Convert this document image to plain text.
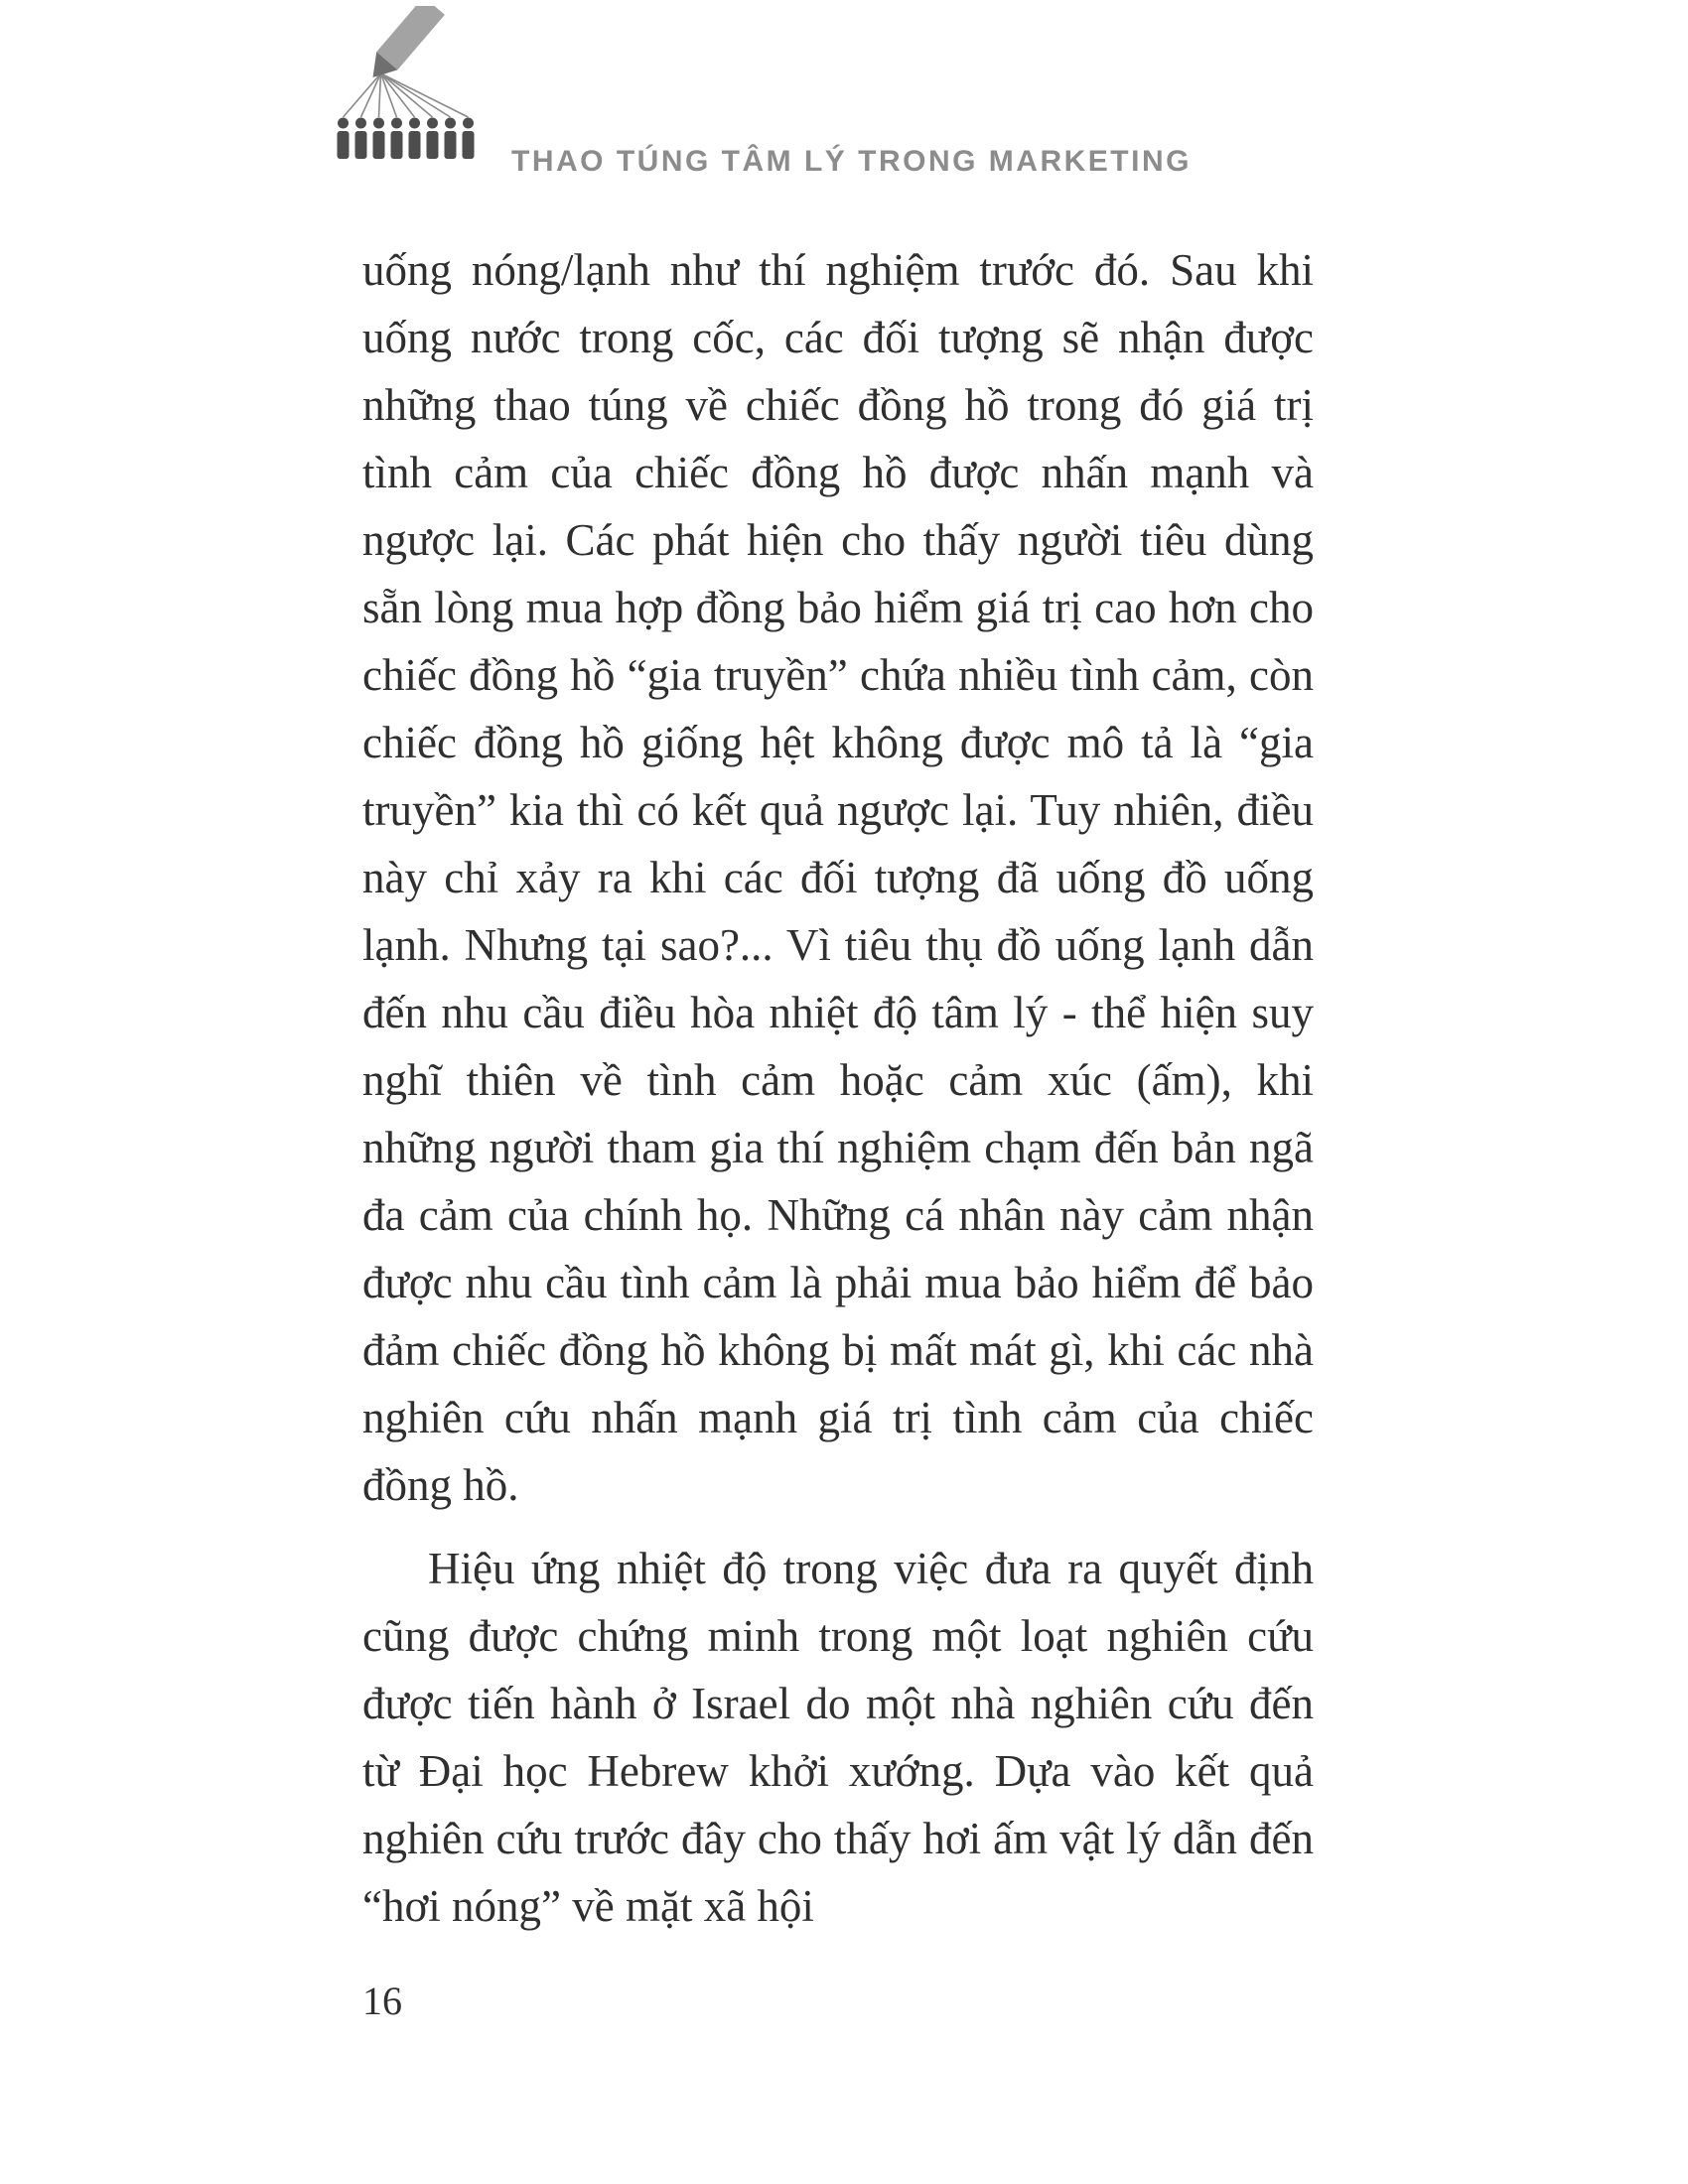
THAO TÚNG TÂM LÝ TRONG MARKETING

uống nóng/lạnh như thí nghiệm trước đó. Sau khi uống nước trong cốc, các đối tượng sẽ nhận được những thao túng về chiếc đồng hồ trong đó giá trị tình cảm của chiếc đồng hồ được nhấn mạnh và ngược lại. Các phát hiện cho thấy người tiêu dùng sẵn lòng mua hợp đồng bảo hiểm giá trị cao hơn cho chiếc đồng hồ “gia truyền” chứa nhiều tình cảm, còn chiếc đồng hồ giống hệt không được mô tả là “gia truyền” kia thì có kết quả ngược lại. Tuy nhiên, điều này chỉ xảy ra khi các đối tượng đã uống đồ uống lạnh. Nhưng tại sao?... Vì tiêu thụ đồ uống lạnh dẫn đến nhu cầu điều hòa nhiệt độ tâm lý - thể hiện suy nghĩ thiên về tình cảm hoặc cảm xúc (ấm), khi những người tham gia thí nghiệm chạm đến bản ngã đa cảm của chính họ. Những cá nhân này cảm nhận được nhu cầu tình cảm là phải mua bảo hiểm để bảo đảm chiếc đồng hồ không bị mất mát gì, khi các nhà nghiên cứu nhấn mạnh giá trị tình cảm của chiếc đồng hồ.

Hiệu ứng nhiệt độ trong việc đưa ra quyết định cũng được chứng minh trong một loạt nghiên cứu được tiến hành ở Israel do một nhà nghiên cứu đến từ Đại học Hebrew khởi xướng. Dựa vào kết quả nghiên cứu trước đây cho thấy hơi ấm vật lý dẫn đến “hơi nóng” về mặt xã hội

16
